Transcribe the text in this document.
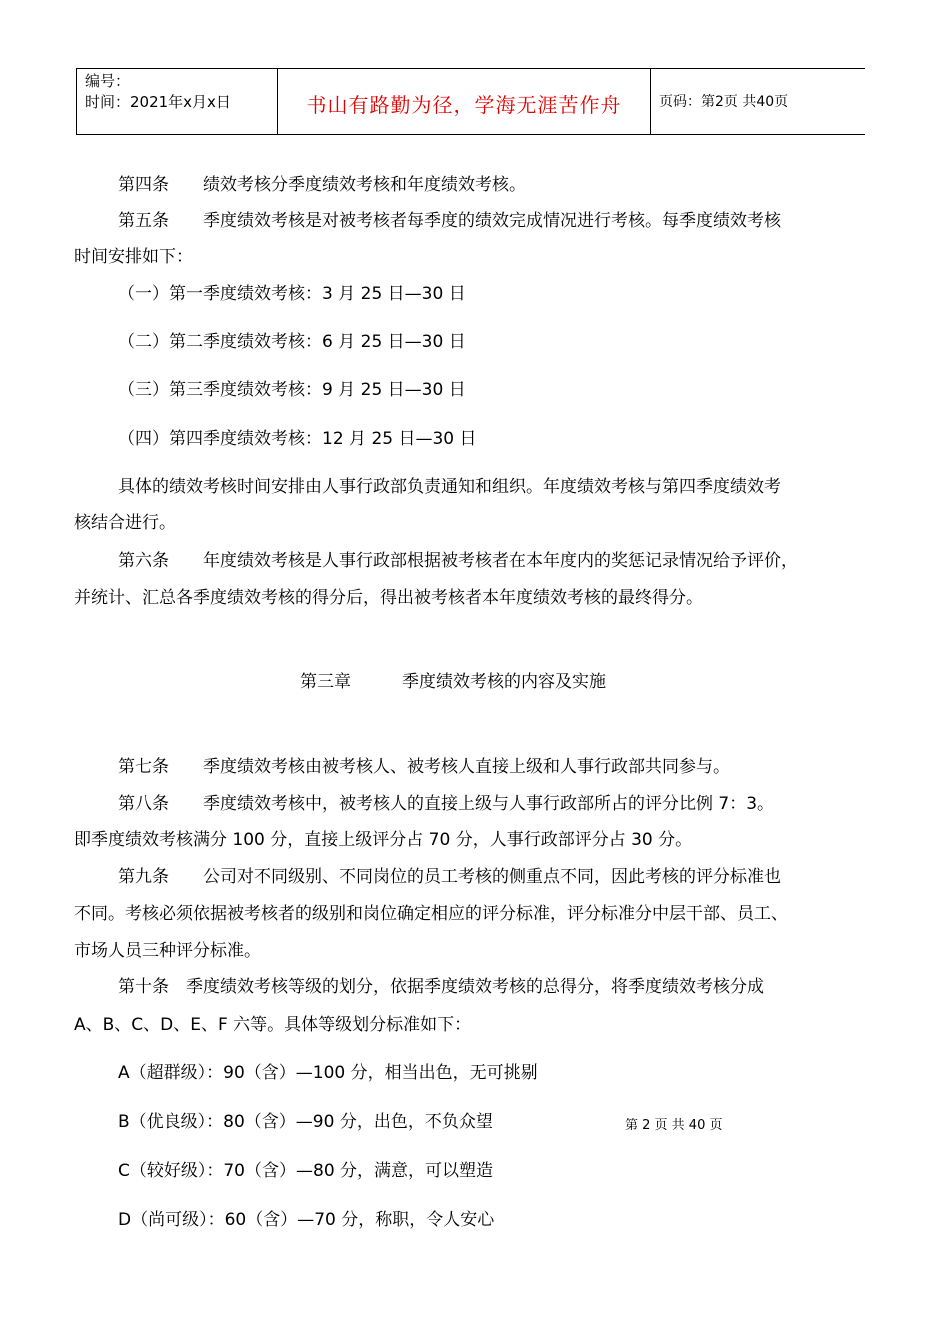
编号：
时间：2021年x月x日	书山有路勤为径，学海无涯苦作舟	页码：第2页 共40页
第四条　　绩效考核分季度绩效考核和年度绩效考核。
第五条　　季度绩效考核是对被考核者每季度的绩效完成情况进行考核。每季度绩效考核
时间安排如下：
（一）第一季度绩效考核：3 月 25 日—30 日
（二）第二季度绩效考核：6 月 25 日—30 日
（三）第三季度绩效考核：9 月 25 日—30 日
（四）第四季度绩效考核：12 月 25 日—30 日
具体的绩效考核时间安排由人事行政部负责通知和组织。年度绩效考核与第四季度绩效考
核结合进行。
第六条　　年度绩效考核是人事行政部根据被考核者在本年度内的奖惩记录情况给予评价，
并统计、汇总各季度绩效考核的得分后，得出被考核者本年度绩效考核的最终得分。
第三章　　　季度绩效考核的内容及实施
第七条　　季度绩效考核由被考核人、被考核人直接上级和人事行政部共同参与。
第八条　　季度绩效考核中，被考核人的直接上级与人事行政部所占的评分比例 7：3。
即季度绩效考核满分 100 分，直接上级评分占 70 分，人事行政部评分占 30 分。
第九条　　公司对不同级别、不同岗位的员工考核的侧重点不同，因此考核的评分标准也
不同。考核必须依据被考核者的级别和岗位确定相应的评分标准，评分标准分中层干部、员工、
市场人员三种评分标准。
第十条　季度绩效考核等级的划分，依据季度绩效考核的总得分，将季度绩效考核分成
A、B、C、D、E、F 六等。具体等级划分标准如下：
A（超群级）：90（含）—100 分，相当出色，无可挑剔
B（优良级）：80（含）—90 分，出色，不负众望
C（较好级）：70（含）—80 分，满意，可以塑造
D（尚可级）：60（含）—70 分，称职，令人安心
第 2 页 共 40 页
